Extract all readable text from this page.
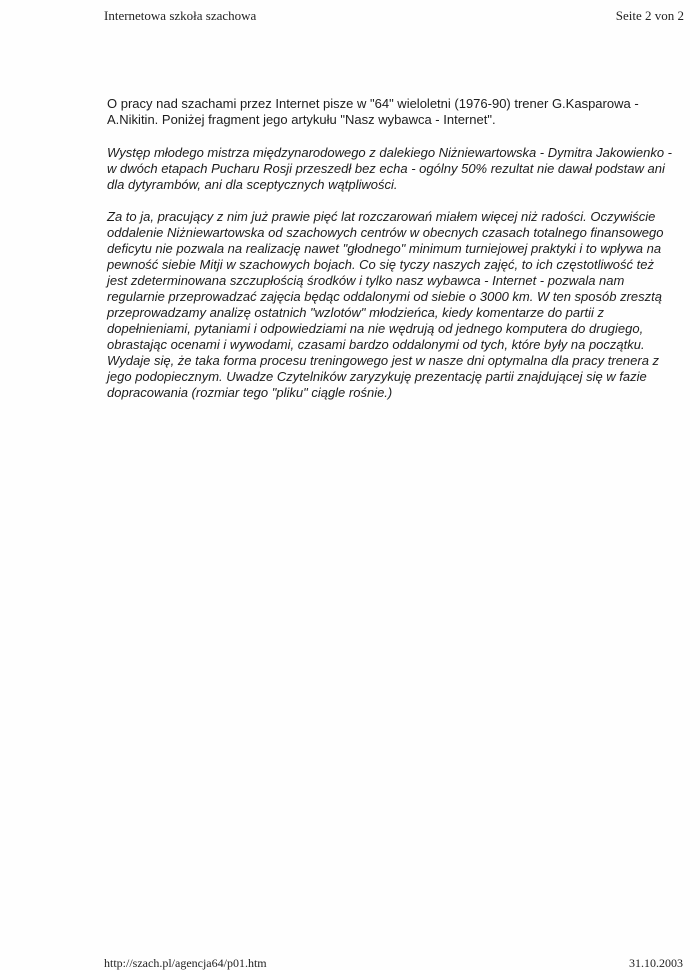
Internetowa szkoła szachowa	Seite 2 von 2

O pracy nad szachami przez Internet pisze w "64" wieloletni (1976-90) trener G.Kasparowa - A.Nikitin. Poniżej fragment jego artykułu "Nasz wybawca - Internet".

Występ młodego mistrza międzynarodowego z dalekiego Niżniewartowska - Dymitra Jakowienko - w dwóch etapach Pucharu Rosji przeszedł bez echa - ogólny 50% rezultat nie dawał podstaw ani dla dytyrambów, ani dla sceptycznych wątpliwości.

Za to ja, pracujący z nim już prawie pięć lat rozczarowań miałem więcej niż radości. Oczywiście oddalenie Niżniewartowska od szachowych centrów w obecnych czasach totalnego finansowego deficytu nie pozwala na realizację nawet "głodnego" minimum turniejowej praktyki i to wpływa na pewność siebie Mitji w szachowych bojach. Co się tyczy naszych zajęć, to ich częstotliwość też jest zdeterminowana szczupłością środków i tylko nasz wybawca - Internet - pozwala nam regularnie przeprowadzać zajęcia będąc oddalonymi od siebie o 3000 km. W ten sposób zresztą przeprowadzamy analizę ostatnich "wzlotów" młodzieńca, kiedy komentarze do partii z dopełnieniami, pytaniami i odpowiedziami na nie wędrują od jednego komputera do drugiego, obrastając ocenami i wywodami, czasami bardzo oddalonymi od tych, które były na początku. Wydaje się, że taka forma procesu treningowego jest w nasze dni optymalna dla pracy trenera z jego podopiecznym. Uwadze Czytelników zaryzykuję prezentację partii znajdującej się w fazie dopracowania (rozmiar tego "pliku" ciągle rośnie.)

http://szach.pl/agencja64/p01.htm	31.10.2003
